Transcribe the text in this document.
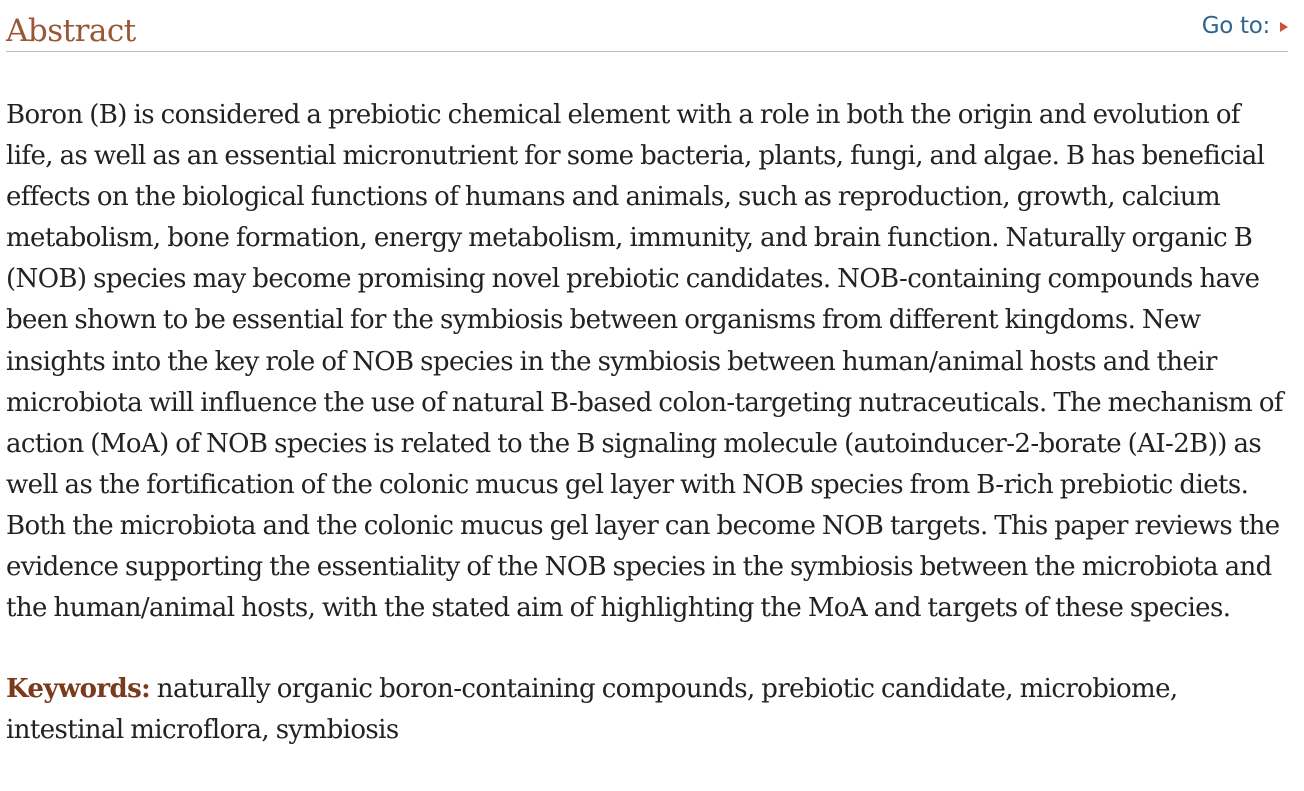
Abstract	Go to:

Boron (B) is considered a prebiotic chemical element with a role in both the origin and evolution of life, as well as an essential micronutrient for some bacteria, plants, fungi, and algae. B has beneficial effects on the biological functions of humans and animals, such as reproduction, growth, calcium metabolism, bone formation, energy metabolism, immunity, and brain function. Naturally organic B (NOB) species may become promising novel prebiotic candidates. NOB-containing compounds have been shown to be essential for the symbiosis between organisms from different kingdoms. New insights into the key role of NOB species in the symbiosis between human/animal hosts and their microbiota will influence the use of natural B-based colon-targeting nutraceuticals. The mechanism of action (MoA) of NOB species is related to the B signaling molecule (autoinducer-2-borate (AI-2B)) as well as the fortification of the colonic mucus gel layer with NOB species from B-rich prebiotic diets. Both the microbiota and the colonic mucus gel layer can become NOB targets. This paper reviews the evidence supporting the essentiality of the NOB species in the symbiosis between the microbiota and the human/animal hosts, with the stated aim of highlighting the MoA and targets of these species.

Keywords: naturally organic boron-containing compounds, prebiotic candidate, microbiome, intestinal microflora, symbiosis
